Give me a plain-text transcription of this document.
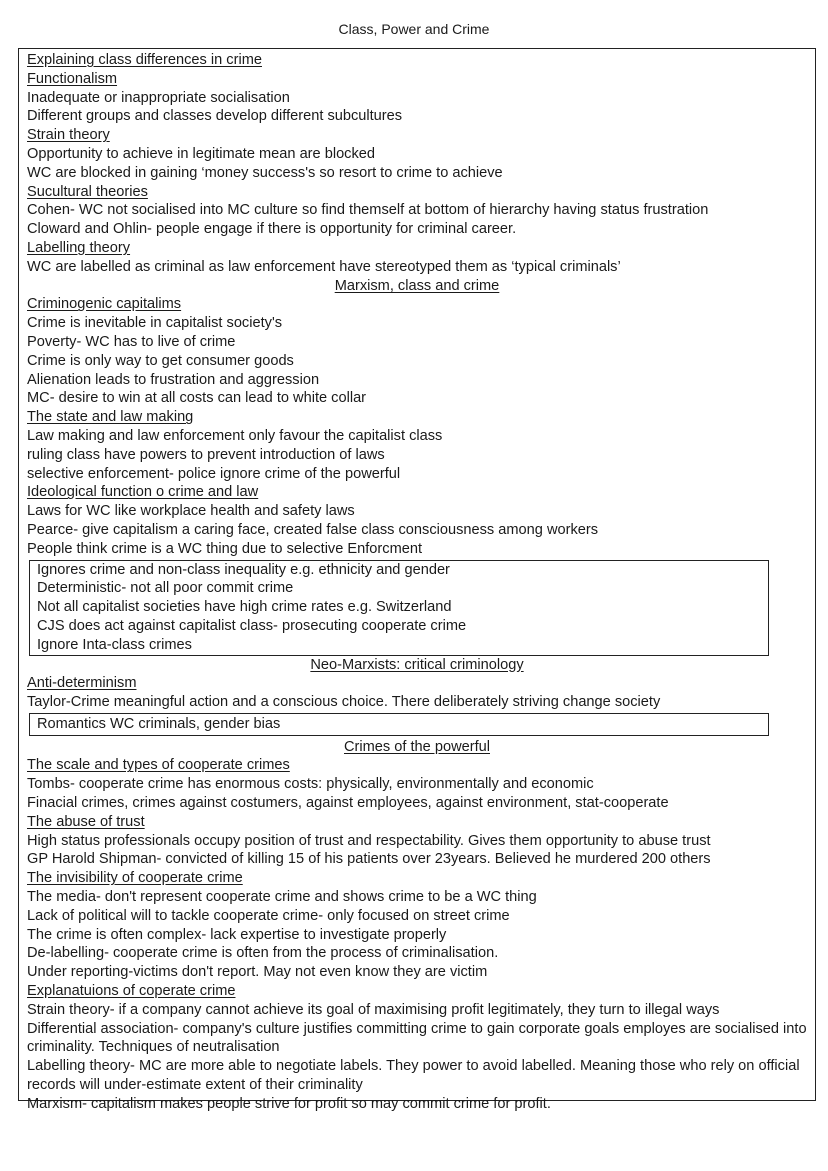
Class, Power and Crime
Explaining class differences in crime
Functionalism
Inadequate or inappropriate socialisation
Different groups and classes develop different subcultures
Strain theory
Opportunity to achieve in legitimate mean are blocked
WC are blocked in gaining ‘money success's so resort to crime to achieve
Sucultural theories
Cohen- WC not socialised into MC culture so find themself at bottom of hierarchy having status frustration
Cloward and Ohlin- people engage if there is opportunity for criminal career.
Labelling theory
WC are labelled as criminal as law enforcement have stereotyped them as ‘typical criminals’
Marxism, class and crime
Criminogenic capitalims
Crime is inevitable in capitalist society's
Poverty- WC has to live of crime
Crime is only way to get consumer goods
Alienation leads to frustration and aggression
MC- desire to win at all costs can lead to white collar
The state and law making
Law making and law enforcement only favour the capitalist class
ruling class have powers to prevent introduction of laws
selective enforcement- police ignore crime of the powerful
Ideological function o crime and law
Laws for WC like workplace health and safety laws
Pearce- give capitalism a caring face, created false class consciousness among workers
People think crime is a WC thing due to selective Enforcment
Ignores crime and non-class inequality e.g. ethnicity and gender
Deterministic- not all poor commit crime
Not all capitalist societies have high crime rates e.g. Switzerland
CJS does act against capitalist class- prosecuting cooperate crime
Ignore Inta-class crimes
Neo-Marxists: critical criminology
Anti-determinism
Taylor-Crime meaningful action and a conscious choice. There deliberately striving change society
Romantics WC criminals, gender bias
Crimes of the powerful
The scale and types of cooperate crimes
Tombs- cooperate crime has enormous costs: physically, environmentally and economic
Finacial crimes, crimes against costumers, against employees, against environment, stat-cooperate
The abuse of trust
High status professionals occupy position of trust and respectability. Gives them opportunity to abuse trust
GP Harold Shipman- convicted of killing 15 of his patients over 23years. Believed he murdered 200 others
The invisibility of cooperate crime
The media- don't represent cooperate crime and shows crime to be a WC thing
Lack of political will to tackle cooperate crime- only focused on street crime
The crime is often complex- lack expertise to investigate properly
De-labelling- cooperate crime is often from the process of criminalisation.
Under reporting-victims don't report. May not even know they are victim
Explanatuions of coperate crime
Strain theory- if a company cannot achieve its goal of maximising profit legitimately, they turn to illegal ways
Differential association- company's culture justifies committing crime to gain corporate goals employes are socialised into criminality. Techniques of neutralisation
Labelling theory- MC are more able to negotiate labels. They power to avoid labelled. Meaning those who rely on official records will under-estimate extent of their criminality
Marxism- capitalism makes people strive for profit so may commit crime for profit.
